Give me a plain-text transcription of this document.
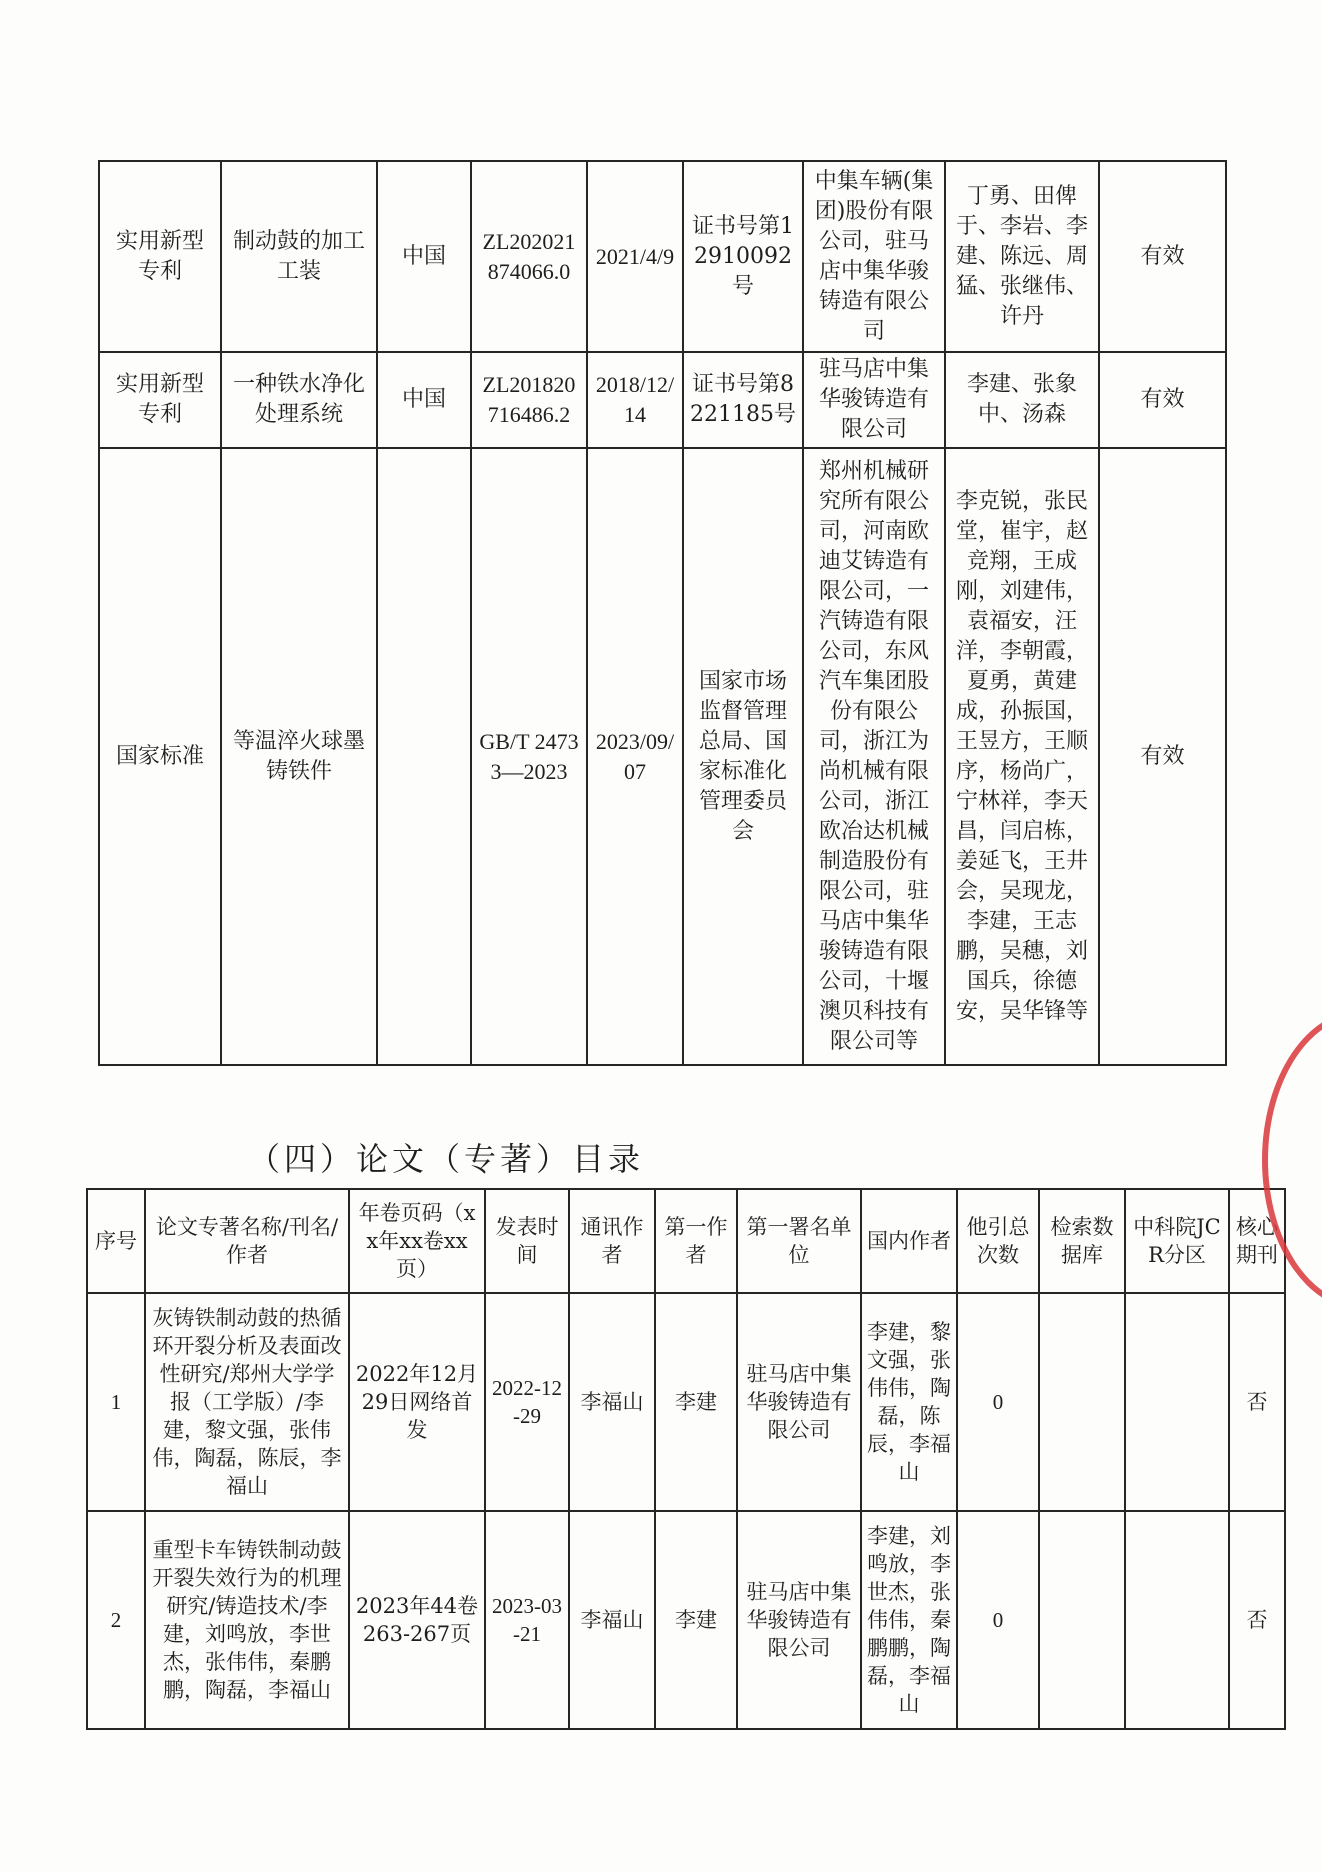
实用新型专利	制动鼓的加工工装	中国	ZL202021874066.0	2021/4/9	证书号第12910092号	中集车辆(集团)股份有限公司，驻马店中集华骏铸造有限公司	丁勇、田俾于、李岩、李建、陈远、周猛、张继伟、许丹	有效
实用新型专利	一种铁水净化处理系统	中国	ZL201820716486.2	2018/12/14	证书号第8221185号	驻马店中集华骏铸造有限公司	李建、张象中、汤森	有效
国家标准	等温淬火球墨铸铁件		GB/T 24733—2023	2023/09/07	国家市场监督管理总局、国家标准化管理委员会	郑州机械研究所有限公司，河南欧迪艾铸造有限公司，一汽铸造有限公司，东风汽车集团股份有限公司，浙江为尚机械有限公司，浙江欧冶达机械制造股份有限公司，驻马店中集华骏铸造有限公司，十堰澳贝科技有限公司等	李克锐，张民堂，崔宇，赵竞翔，王成刚，刘建伟，袁福安，汪洋，李朝霞，夏勇，黄建成，孙振国，王昱方，王顺序，杨尚广，宁林祥，李天昌，闫启栋，姜延飞，王井会，吴现龙，李建，王志鹏，吴穗，刘国兵，徐德安，吴华锋等	有效
（四）论文（专著）目录
序号	论文专著名称/刊名/作者	年卷页码（xx年xx卷xx页）	发表时间	通讯作者	第一作者	第一署名单位	国内作者	他引总次数	检索数据库	中科院JCR分区	核心期刊
1	灰铸铁制动鼓的热循环开裂分析及表面改性研究/郑州大学学报（工学版）/李建，黎文强，张伟伟，陶磊，陈辰，李福山	2022年12月29日网络首发	2022-12-29	李福山	李建	驻马店中集华骏铸造有限公司	李建，黎文强，张伟伟，陶磊，陈辰，李福山	0			否
2	重型卡车铸铁制动鼓开裂失效行为的机理研究/铸造技术/李建，刘鸣放，李世杰，张伟伟，秦鹏鹏，陶磊，李福山	2023年44卷263-267页	2023-03-21	李福山	李建	驻马店中集华骏铸造有限公司	李建，刘鸣放，李世杰，张伟伟，秦鹏鹏，陶磊，李福山	0			否
